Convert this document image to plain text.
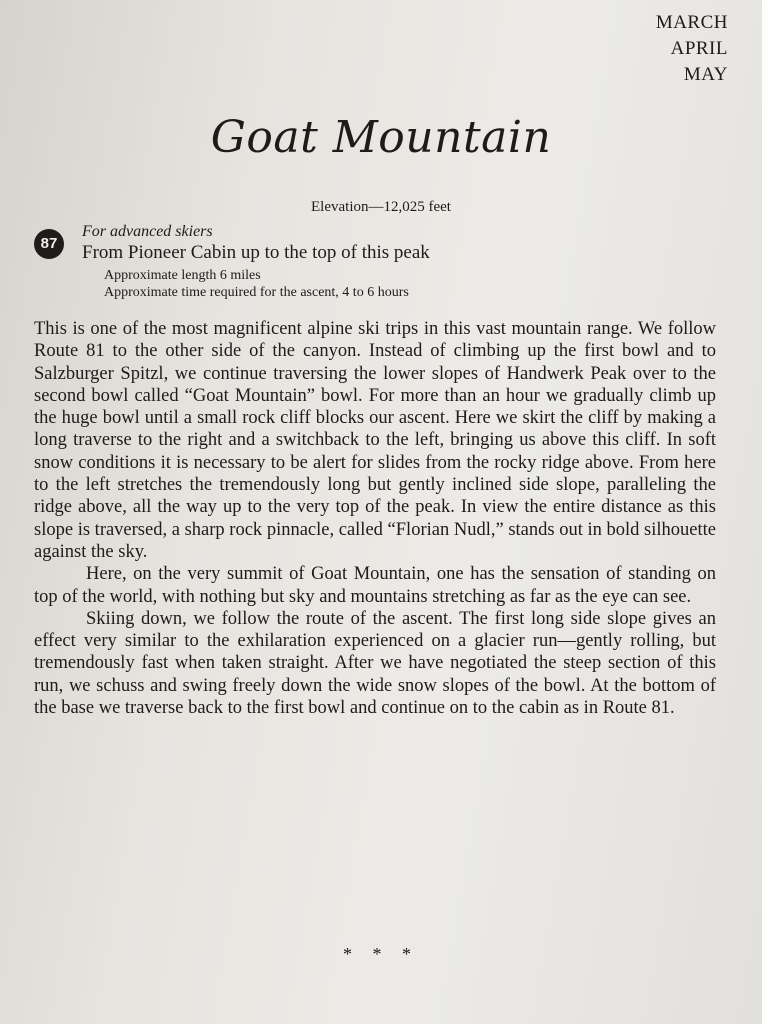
MARCH
APRIL
MAY
Goat Mountain
Elevation—12,025 feet
87
For advanced skiers
From Pioneer Cabin up to the top of this peak
Approximate length 6 miles
Approximate time required for the ascent, 4 to 6 hours

This is one of the most magnificent alpine ski trips in this vast mountain range. We follow Route 81 to the other side of the canyon. Instead of climbing up the first bowl and to Salzburger Spitzl, we continue traversing the lower slopes of Handwerk Peak over to the second bowl called “Goat Mountain” bowl. For more than an hour we gradually climb up the huge bowl until a small rock cliff blocks our ascent. Here we skirt the cliff by making a long traverse to the right and a switchback to the left, bringing us above this cliff. In soft snow conditions it is necessary to be alert for slides from the rocky ridge above. From here to the left stretches the tremendously long but gently inclined side slope, paralleling the ridge above, all the way up to the very top of the peak. In view the entire distance as this slope is traversed, a sharp rock pinnacle, called “Florian Nudl,” stands out in bold silhouette against the sky.

Here, on the very summit of Goat Mountain, one has the sensation of standing on top of the world, with nothing but sky and mountains stretching as far as the eye can see.

Skiing down, we follow the route of the ascent. The first long side slope gives an effect very similar to the exhilaration experienced on a glacier run—gently rolling, but tremendously fast when taken straight. After we have negotiated the steep section of this run, we schuss and swing freely down the wide snow slopes of the bowl. At the bottom of the base we traverse back to the first bowl and continue on to the cabin as in Route 81.

* * *
